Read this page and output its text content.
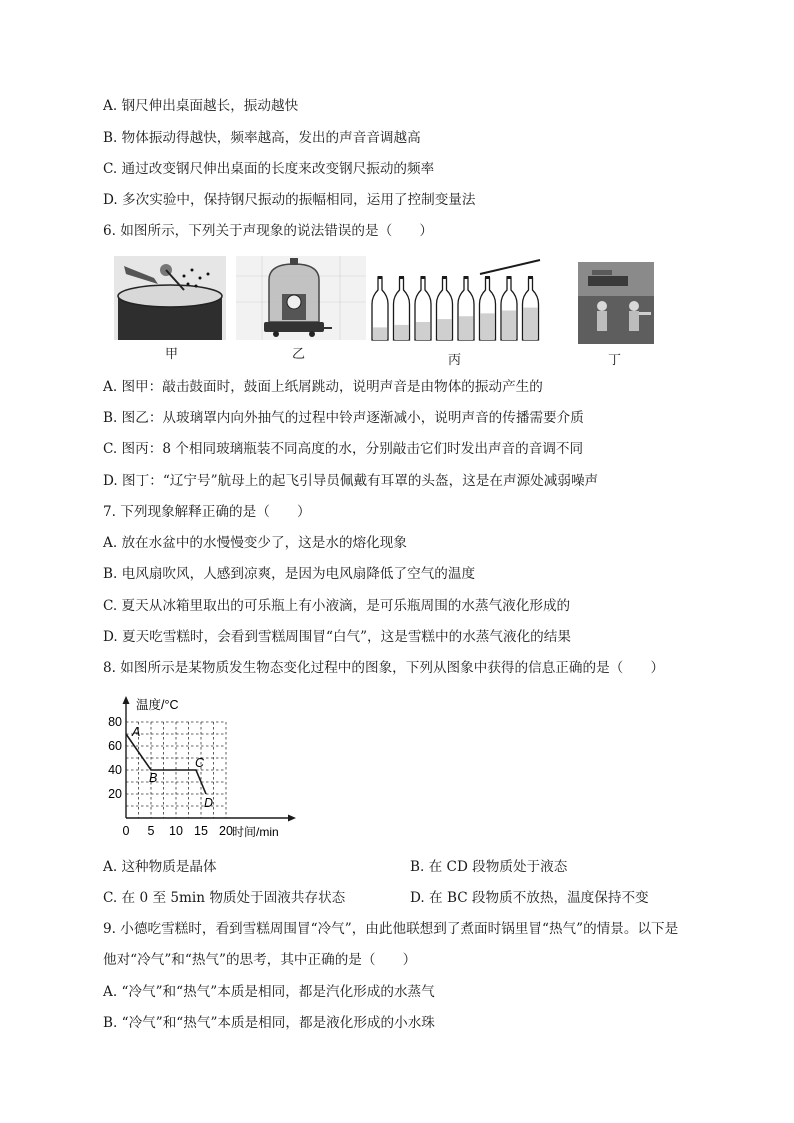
A. 钢尺伸出桌面越长，振动越快
B. 物体振动得越快，频率越高，发出的声音音调越高
C. 通过改变钢尺伸出桌面的长度来改变钢尺振动的频率
D. 多次实验中，保持钢尺振动的振幅相同，运用了控制变量法
6. 如图所示，下列关于声现象的说法错误的是（　　）
甲	乙	丙	丁
A. 图甲：敲击鼓面时，鼓面上纸屑跳动，说明声音是由物体的振动产生的
B. 图乙：从玻璃罩内向外抽气的过程中铃声逐渐减小，说明声音的传播需要介质
C. 图丙：8 个相同玻璃瓶装不同高度的水，分别敲击它们时发出声音的音调不同
D. 图丁：“辽宁号”航母上的起飞引导员佩戴有耳罩的头盔，这是在声源处减弱噪声
7. 下列现象解释正确的是（　　）
A. 放在水盆中的水慢慢变少了，这是水的熔化现象
B. 电风扇吹风，人感到凉爽，是因为电风扇降低了空气的温度
C. 夏天从冰箱里取出的可乐瓶上有小液滴，是可乐瓶周围的水蒸气液化形成的
D. 夏天吃雪糕时，会看到雪糕周围冒“白气”，这是雪糕中的水蒸气液化的结果
8. 如图所示是某物质发生物态变化过程中的图象，下列从图象中获得的信息正确的是（　　）
温度/°C
时间/min
0 5 10 15 20
20
40
60
80
A
B
C
D
A. 这种物质是晶体	B. 在 CD 段物质处于液态
C. 在 0 至 5min 物质处于固液共存状态	D. 在 BC 段物质不放热，温度保持不变
9. 小德吃雪糕时，看到雪糕周围冒“冷气”，由此他联想到了煮面时锅里冒“热气”的情景。以下是
他对“冷气”和“热气”的思考，其中正确的是（　　）
A. “冷气”和“热气”本质是相同，都是汽化形成的水蒸气
B. “冷气”和“热气”本质是相同，都是液化形成的小水珠
